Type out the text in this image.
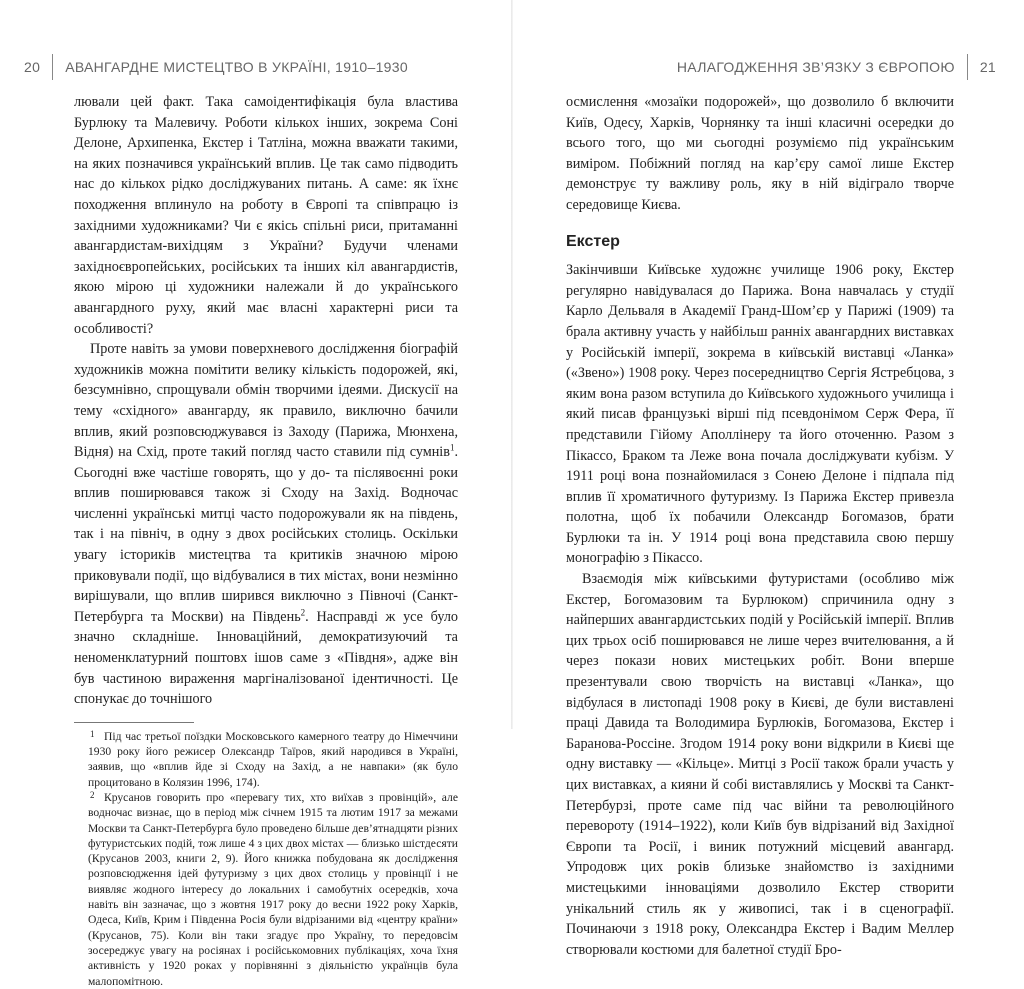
20 АВАНГАРДНЕ МИСТЕЦТВО В УКРАЇНІ, 1910–1930	НАЛАГОДЖЕННЯ ЗВ’ЯЗКУ З ЄВРОПОЮ 21

лювали цей факт. Така самоідентифікація була властива Бурлюку та Малевичу. Роботи кількох інших, зокрема Соні Делоне, Архипенка, Екстер і Татліна, можна вважати такими, на яких позначився український вплив. Це так само підводить нас до кількох рідко досліджуваних питань. А саме: як їхнє походження вплинуло на роботу в Європі та співпрацю із західними художниками? Чи є якісь спільні риси, притаманні авангардистам-вихідцям з України? Будучи членами західноєвропейських, російських та інших кіл авангардистів, якою мірою ці художники належали й до українського авангардного руху, який має власні характерні риси та особливості?

Проте навіть за умови поверхневого дослідження біографій художників можна помітити велику кількість подорожей, які, безсумнівно, спрощували обмін творчими ідеями. Дискусії на тему «східного» авангарду, як правило, виключно бачили вплив, який розповсюджувався із Заходу (Парижа, Мюнхена, Відня) на Схід, проте такий погляд часто ставили під сумнів$^1$. Сьогодні вже частіше говорять, що у до- та післявоєнні роки вплив поширювався також зі Сходу на Захід. Водночас численні українські митці часто подорожували як на південь, так і на північ, в одну з двох російських столиць. Оскільки увагу істориків мистецтва та критиків значною мірою приковували події, що відбувалися в тих містах, вони незмінно вирішували, що вплив ширився виключно з Півночі (Санкт-Петербурга та Москви) на Південь$^2$. Насправді ж усе було значно складніше. Інноваційний, демократизуючий та неноменклатурний поштовх ішов саме з «Півдня», адже він був частиною вираження маргіналізованої ідентичності. Це спонукає до точнішого

1 Під час третьої поїздки Московського камерного театру до Німеччини 1930 року його режисер Олександр Таїров, який народився в Україні, заявив, що «вплив йде зі Сходу на Захід, а не навпаки» (як було процитовано в Колязин 1996, 174).

2 Крусанов говорить про «перевагу тих, хто виїхав з провінцій», але водночас визнає, що в період між січнем 1915 та лютим 1917 за межами Москви та Санкт-Петербурга було проведено більше дев’ятнадцяти різних футуристських подій, тож лише 4 з цих двох містах — близько шістдесяти (Крусанов 2003, книги 2, 9). Його книжка побудована як дослідження розповсюдження ідей футуризму з цих двох столиць у провінції і не виявляє жодного інтересу до локальних і самобутніх осередків, хоча навіть він зазначає, що з жовтня 1917 року до весни 1922 року Харків, Одеса, Київ, Крим і Південна Росія були відрізаними від «центру країни» (Крусанов, 75). Коли він таки згадує про Україну, то передовсім зосереджує увагу на росіянах і російськомовних публікаціях, хоча їхня активність у 1920 роках у порівнянні з діяльністю українців була малопомітною.

осмислення «мозаїки подорожей», що дозволило б включити Київ, Одесу, Харків, Чорнянку та інші класичні осередки до всього того, що ми сьогодні розуміємо під українським виміром. Побіжний погляд на кар’єру самої лише Екстер демонструє ту важливу роль, яку в ній відіграло творче середовище Києва.

Екстер

Закінчивши Київське художнє училище 1906 року, Екстер регулярно навідувалася до Парижа. Вона навчалась у студії Карло Дельваля в Академії Гранд-Шом’єр у Парижі (1909) та брала активну участь у найбільш ранніх авангардних виставках у Російській імперії, зокрема в київській виставці «Ланка» («Звено») 1908 року. Через посередництво Сергія Ястребцова, з яким вона разом вступила до Київського художнього училища і який писав французькі вірші під псевдонімом Серж Фера, її представили Гійому Аполлінеру та його оточенню. Разом з Пікассо, Браком та Леже вона почала досліджувати кубізм. У 1911 році вона познайомилася з Сонею Делоне і підпала під вплив її хроматичного футуризму. Із Парижа Екстер привезла полотна, щоб їх побачили Олександр Богомазов, брати Бурлюки та ін. У 1914 році вона представила свою першу монографію з Пікассо.

Взаємодія між київськими футуристами (особливо між Екстер, Богомазовим та Бурлюком) спричинила одну з найперших авангардистських подій у Російській імперії. Вплив цих трьох осіб поширювався не лише через вчителювання, а й через покази нових мистецьких робіт. Вони вперше презентували свою творчість на виставці «Ланка», що відбулася в листопаді 1908 року в Києві, де були виставлені праці Давида та Володимира Бурлюків, Богомазова, Екстер і Баранова-Россіне. Згодом 1914 року вони відкрили в Києві ще одну виставку — «Кільце». Митці з Росії також брали участь у цих виставках, а кияни й собі виставлялись у Москві та Санкт-Петербурзі, проте саме під час війни та революційного перевороту (1914–1922), коли Київ був відрізаний від Західної Європи та Росії, і виник потужний місцевий авангард. Упродовж цих років близьке знайомство із західними мистецькими інноваціями дозволило Екстер створити унікальний стиль як у живописі, так і в сценографії. Починаючи з 1918 року, Олександра Екстер і Вадим Меллер створювали костюми для балетної студії Бро-
